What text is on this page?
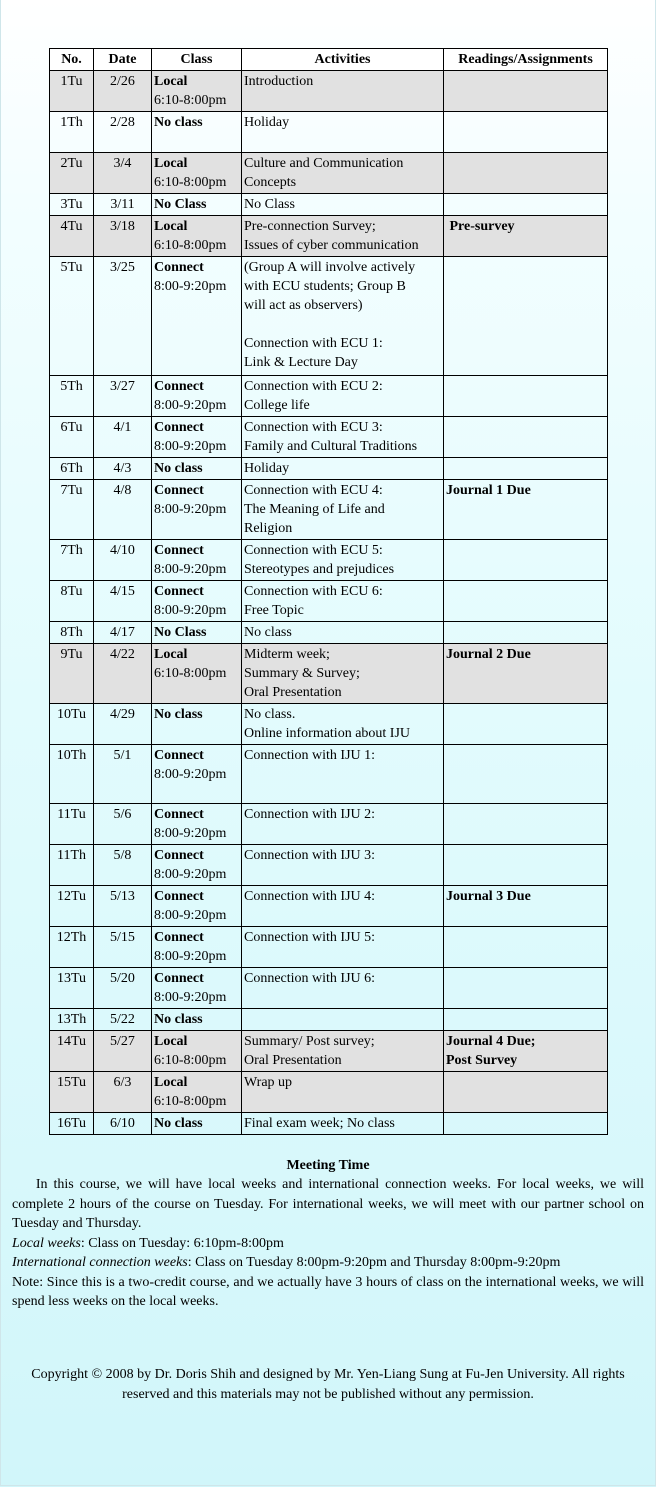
No.	Date	Class	Activities	Readings/Assignments
1Tu	2/26	Local
6:10-8:00pm	Introduction	

1Th	2/28	No class	Holiday	

2Tu	3/4	Local
6:10-8:00pm	Culture and Communication
Concepts	

3Tu	3/11	No Class	No Class	

4Tu	3/18	Local
6:10-8:00pm	Pre-connection Survey;
Issues of cyber communication	Pre-survey

5Tu	3/25	Connect
8:00-9:20pm	(Group A will involve actively
with ECU students; Group B
will act as observers)

Connection with ECU 1:
Link & Lecture Day	

5Th	3/27	Connect
8:00-9:20pm	Connection with ECU 2:
College life	

6Tu	4/1	Connect
8:00-9:20pm	Connection with ECU 3:
Family and Cultural Traditions	

6Th	4/3	No class	Holiday	

7Tu	4/8	Connect
8:00-9:20pm	Connection with ECU 4:
The Meaning of Life and
Religion	Journal 1 Due

7Th	4/10	Connect
8:00-9:20pm	Connection with ECU 5:
Stereotypes and prejudices	

8Tu	4/15	Connect
8:00-9:20pm	Connection with ECU 6:
Free Topic	

8Th	4/17	No Class	No class	

9Tu	4/22	Local
6:10-8:00pm	Midterm week;
Summary & Survey;
Oral Presentation	Journal 2 Due

10Tu	4/29	No class	No class.
Online information about IJU	

10Th	5/1	Connect
8:00-9:20pm	Connection with IJU 1:	

11Tu	5/6	Connect
8:00-9:20pm	Connection with IJU 2:	

11Th	5/8	Connect
8:00-9:20pm	Connection with IJU 3:	

12Tu	5/13	Connect
8:00-9:20pm	Connection with IJU 4:	Journal 3 Due

12Th	5/15	Connect
8:00-9:20pm	Connection with IJU 5:	

13Tu	5/20	Connect
8:00-9:20pm	Connection with IJU 6:	

13Th	5/22	No class		

14Tu	5/27	Local
6:10-8:00pm	Summary/ Post survey;
Oral Presentation	Journal 4 Due;
Post Survey

15Tu	6/3	Local
6:10-8:00pm	Wrap up	

16Tu	6/10	No class	Final exam week; No class	

Meeting Time

In this course, we will have local weeks and international connection weeks. For local weeks, we will complete 2 hours of the course on Tuesday. For international weeks, we will meet with our partner school on Tuesday and Thursday.

Local weeks: Class on Tuesday: 6:10pm-8:00pm

International connection weeks: Class on Tuesday 8:00pm-9:20pm and Thursday 8:00pm-9:20pm

Note: Since this is a two-credit course, and we actually have 3 hours of class on the international weeks, we will spend less weeks on the local weeks.

Copyright © 2008 by Dr. Doris Shih and designed by Mr. Yen-Liang Sung at Fu-Jen University. All rights reserved and this materials may not be published without any permission.
